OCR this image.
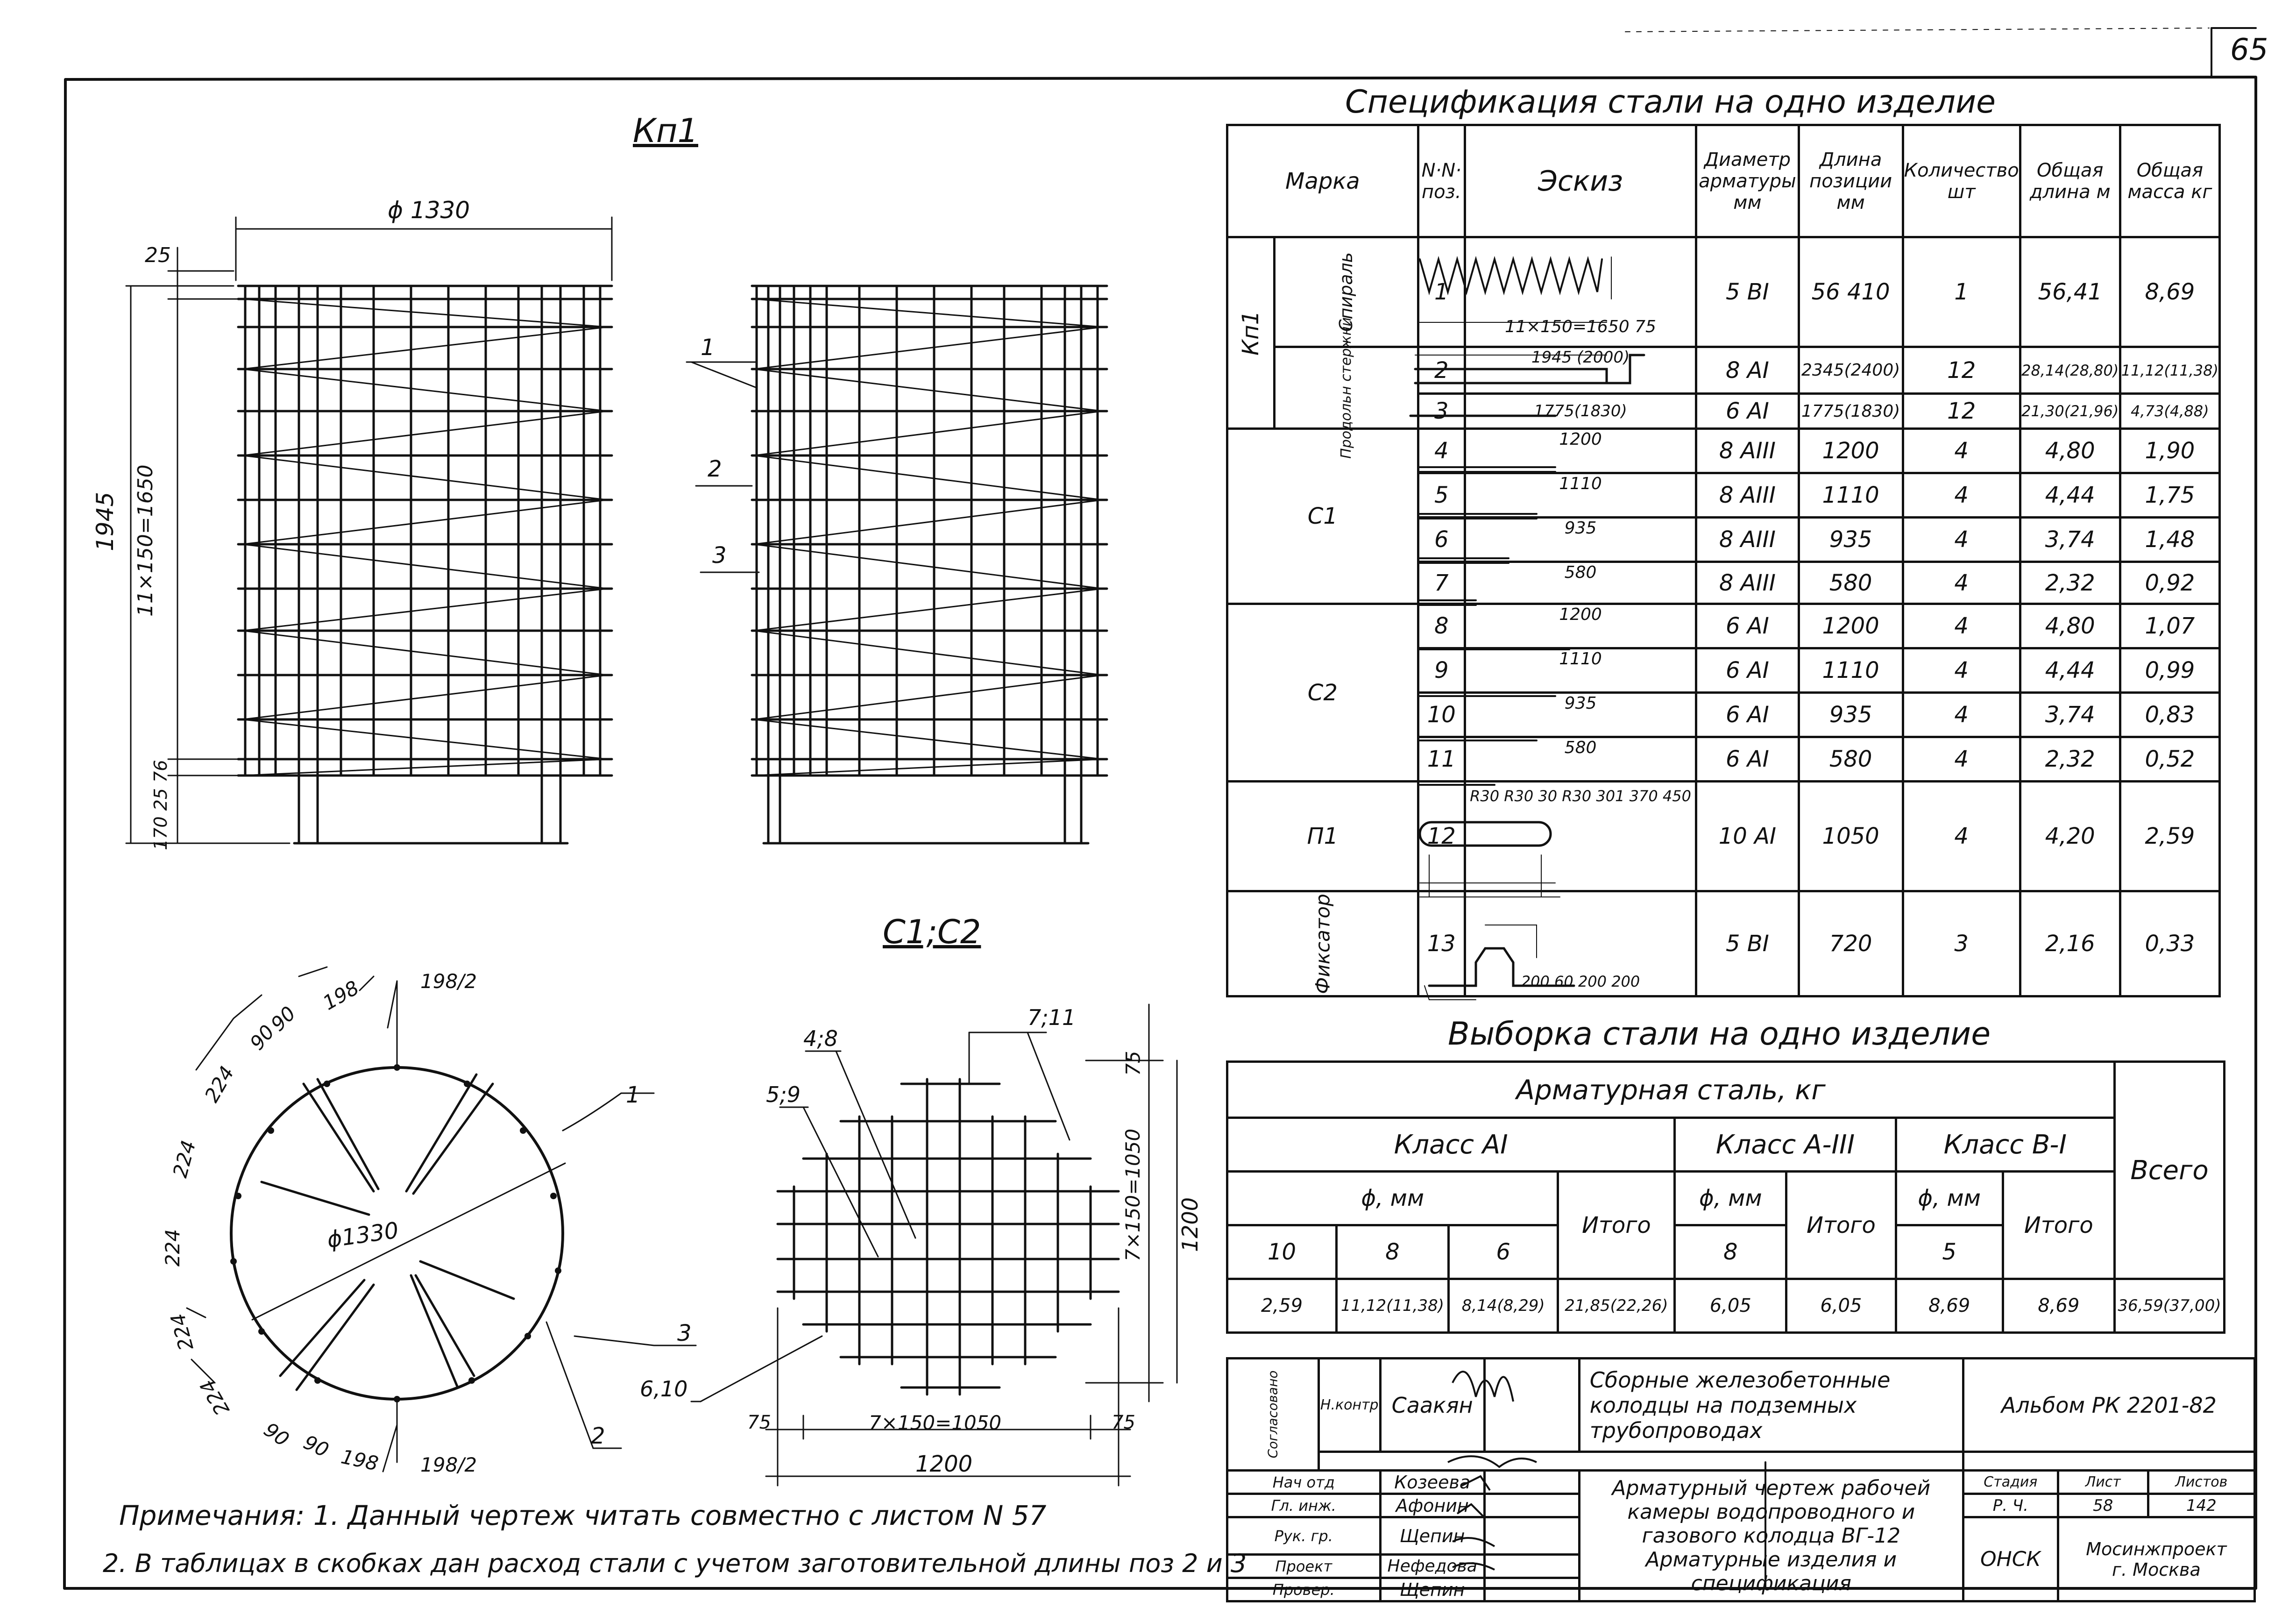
65
Кп1
ϕ 1330
25
1945 11×150=1650
170 25 76
1
2
3
С1;С2
ϕ1330
198/2
198
90
90
224
224
224
224
224
90 90 198 198/2
1
2
3
7;11
4;8
5;9
6,10
75
7×150=1050 1200
75	75
7×150=1050
1200
Примечания: 1. Данный чертеж читать совместно с листом N 57
2. В таблицах в скобках дан расход стали с учетом заготовительной длины поз 2 и 3
Спецификация стали на одно изделие
Марка		N·N· поз.	Эскиз	Диаметр арматуры мм	Длина позиции мм	Количество шт	Общая длина м	Общая масса кг
Кп1	Спираль	1	11×150=1650 75	5 BI	56 410	1	56,41	8,69
	Продольн стержни	2	1945 (2000)	8 AI	2345(2400)	12	28,14(28,80)	11,12(11,38)
		3	1775(1830)	6 AI	1775(1830)	12	21,30(21,96)	4,73(4,88)
С1		4	1200	8 AIII	1200	4	4,80	1,90
		5	1110	8 AIII	1110	4	4,44	1,75
		6	935	8 AIII	935	4	3,74	1,48
		7	580	8 AIII	580	4	2,32	0,92
С2		8	1200	6 AI	1200	4	4,80	1,07
		9	1110	6 AI	1110	4	4,44	0,99
		10	935	6 AI	935	4	3,74	0,83
		11	580	6 AI	580	4	2,32	0,52
П1		12	R30 R30 30 R30 301 370 450	10 AI	1050	4	4,20	2,59
Фиксатор		13	200 60 200 200	5 BI	720	3	2,16	0,33
Выборка стали на одно изделие
Арматурная сталь, кг								Всего
Класс AI				Класс A-III		Класс B-I		
ϕ, мм			Итого	ϕ, мм	Итого	ϕ, мм	Итого	
10	8	6		8		5		
2,59	11,12(11,38)	8,14(8,29)	21,85(22,26)	6,05	6,05	8,69	8,69	36,59(37,00)
Согласовано	Н.контр	Саакян		Сборные железобетонные колодцы на подземных трубопроводах	Альбом РК 2201-82		

Нач отд		Козеева		Арматурный чертеж рабочей камеры водопроводного и газового колодца ВГ-12 Арматурные изделия и спецификация	Стадия	Лист	Листов
Гл. инж.		Афонин			Р. Ч.	58	142
Рук. гр.		Щепин			ОНСК	Мосинжпроект
г. Москва	
Проект		Нефедова					
Провер.		Щепин					
